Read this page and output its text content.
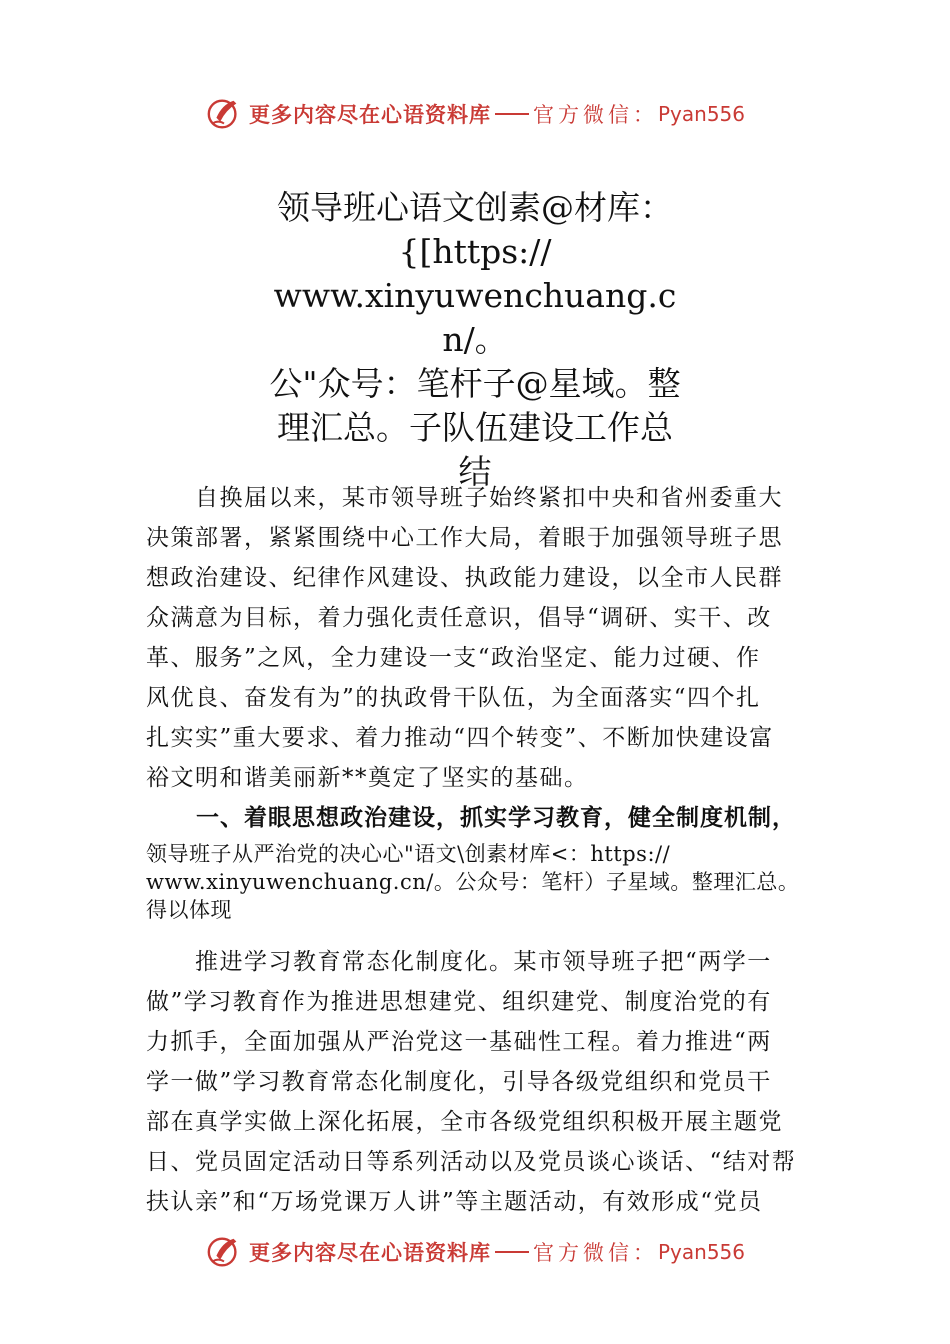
更多内容尽在心语资料库 官方微信： Pyan556
领导班心语文创素@材库：
{[https://
www.xinyuwenchuang.cn/。
公"众号：笔杆子@星域。整
理汇总。子队伍建设工作总
结
　　自换届以来，某市领导班子始终紧扣中央和省州委重大
决策部署，紧紧围绕中心工作大局，着眼于加强领导班子思
想政治建设、纪律作风建设、执政能力建设，以全市人民群
众满意为目标，着力强化责任意识，倡导“调研、实干、改
革、服务”之风，全力建设一支“政治坚定、能力过硬、作
风优良、奋发有为”的执政骨干队伍，为全面落实“四个扎
扎实实”重大要求、着力推动“四个转变”、不断加快建设富
裕文明和谐美丽新**奠定了坚实的基础。
一、着眼思想政治建设，抓实学习教育，健全制度机制，
领导班子从严治党的决心心"语文\创素材库<：https://
www.xinyuwenchuang.cn/。公众号：笔杆）子星域。整理汇总。
得以体现
　　推进学习教育常态化制度化。某市领导班子把“两学一
做”学习教育作为推进思想建党、组织建党、制度治党的有
力抓手，全面加强从严治党这一基础性工程。着力推进“两
学一做”学习教育常态化制度化，引导各级党组织和党员干
部在真学实做上深化拓展，全市各级党组织积极开展主题党
日、党员固定活动日等系列活动以及党员谈心谈话、“结对帮
扶认亲”和“万场党课万人讲”等主题活动，有效形成“党员
更多内容尽在心语资料库 官方微信： Pyan556
